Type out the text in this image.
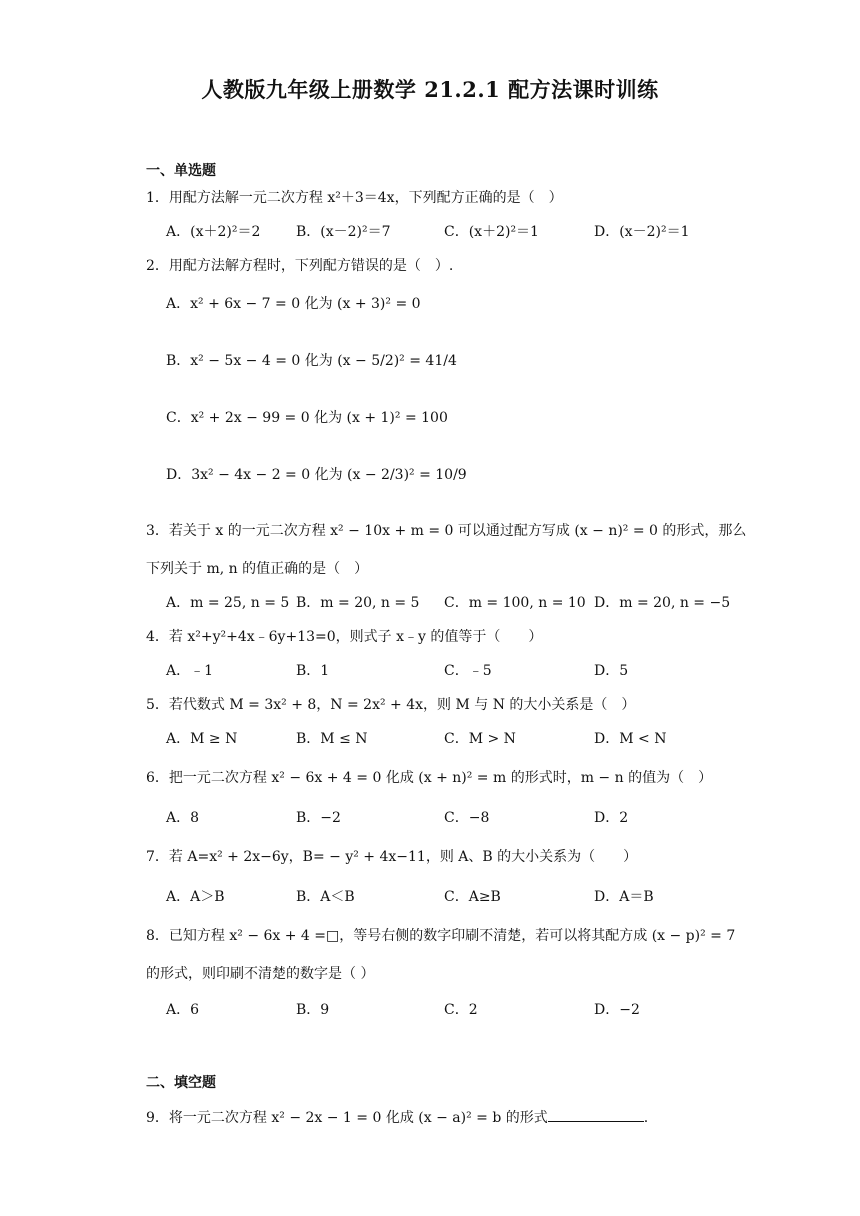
人教版九年级上册数学 21.2.1 配方法课时训练
一、单选题
1．用配方法解一元二次方程 x²＋3＝4x，下列配方正确的是（　）
A．(x＋2)²＝2	B．(x－2)²＝7	C．(x＋2)²＝1	D．(x－2)²＝1
2．用配方法解方程时，下列配方错误的是（　）.
A．x² + 6x − 7 = 0 化为 (x + 3)² = 0
B．x² − 5x − 4 = 0 化为 (x − 5/2)² = 41/4
C．x² + 2x − 99 = 0 化为 (x + 1)² = 100
D．3x² − 4x − 2 = 0 化为 (x − 2/3)² = 10/9
3．若关于 x 的一元二次方程 x² − 10x + m = 0 可以通过配方写成 (x − n)² = 0 的形式，那么
下列关于 m, n 的值正确的是（　）
A．m = 25, n = 5 B．m = 20, n = 5 C．m = 100, n = 10 D．m = 20, n = −5
4．若 x²+y²+4x﹣6y+13=0，则式子 x﹣y 的值等于（　　）
A．﹣1	B．1	C．﹣5	D．5
5．若代数式 M = 3x² + 8，N = 2x² + 4x，则 M 与 N 的大小关系是（　）
A．M ≥ N	B．M ≤ N	C．M > N	D．M < N
6．把一元二次方程 x² − 6x + 4 = 0 化成 (x + n)² = m 的形式时，m − n 的值为（　）
A．8	B．−2	C．−8	D．2
7．若 A=x² + 2x−6y，B= − y² + 4x−11，则 A、B 的大小关系为（　　）
A．A＞B	B．A＜B	C．A≥B	D．A＝B
8．已知方程 x² − 6x + 4 =□，等号右侧的数字印刷不清楚，若可以将其配方成 (x − p)² = 7
的形式，则印刷不清楚的数字是（ ）
A．6	B．9	C．2	D．−2
二、填空题
9．将一元二次方程 x² − 2x − 1 = 0 化成 (x − a)² = b 的形式	.
